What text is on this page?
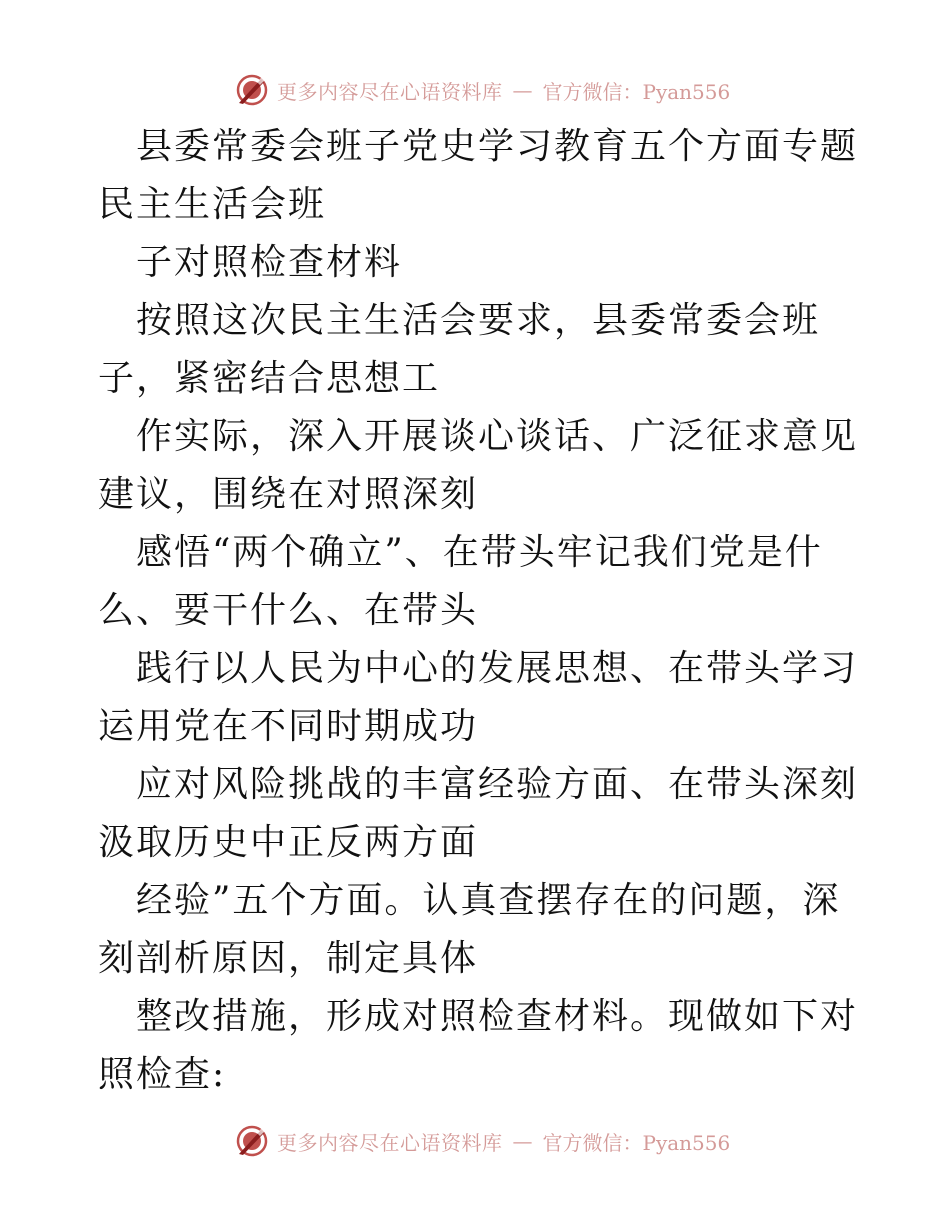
更多内容尽在心语资料库 — 官方微信：Pyan556

县委常委会班子党史学习教育五个方面专题民主生活会班

子对照检查材料

按照这次民主生活会要求，县委常委会班子，紧密结合思想工

作实际，深入开展谈心谈话、广泛征求意见建议，围绕在对照深刻

感悟“两个确立”、在带头牢记我们党是什么、要干什么、在带头

践行以人民为中心的发展思想、在带头学习运用党在不同时期成功

应对风险挑战的丰富经验方面、在带头深刻汲取历史中正反两方面

经验”五个方面。认真查摆存在的问题，深刻剖析原因，制定具体

整改措施，形成对照检查材料。现做如下对照检查:

更多内容尽在心语资料库 — 官方微信：Pyan556
